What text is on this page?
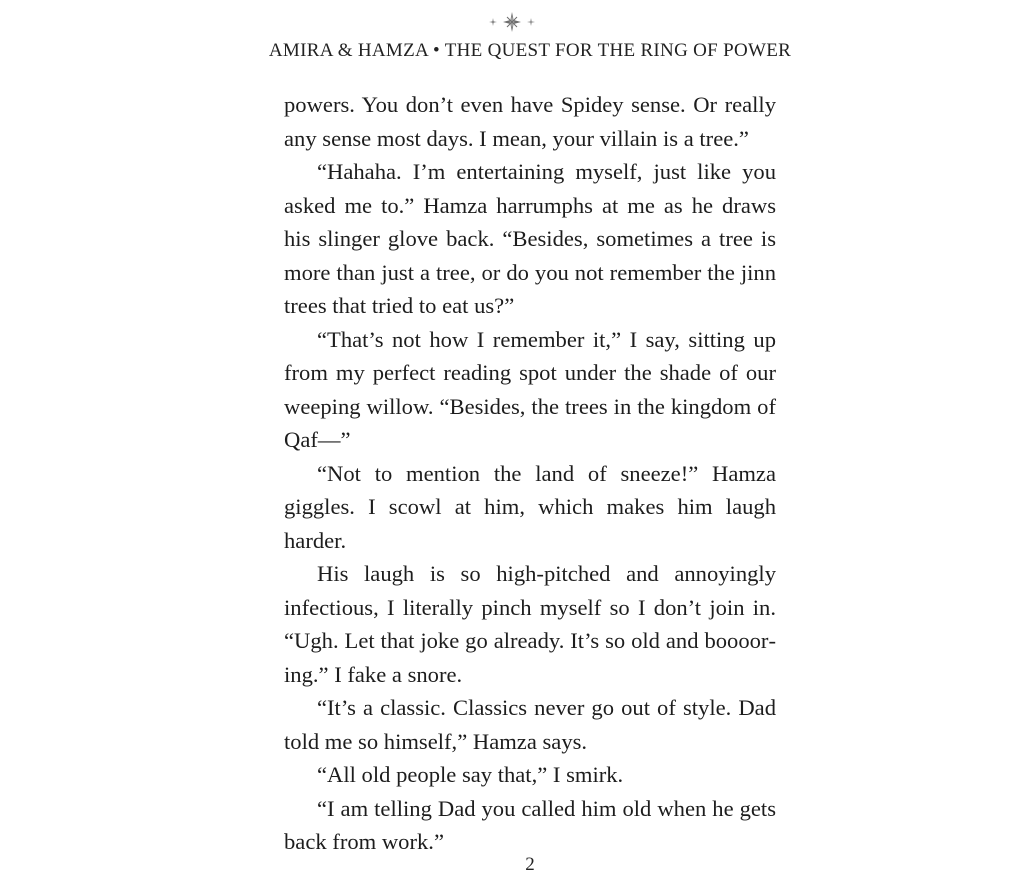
AMIRA & HAMZA • THE QUEST FOR THE RING OF POWER

powers. You don’t even have Spidey sense. Or really any sense most days. I mean, your villain is a tree.”

“Hahaha. I’m entertaining myself, just like you asked me to.” Hamza harrumphs at me as he draws his slinger glove back. “Besides, sometimes a tree is more than just a tree, or do you not remember the jinn trees that tried to eat us?”

“That’s not how I remember it,” I say, sitting up from my perfect reading spot under the shade of our weeping willow. “Besides, the trees in the kingdom of Qaf—”

“Not to mention the land of sneeze!” Hamza giggles. I scowl at him, which makes him laugh harder.

His laugh is so high-pitched and annoyingly infectious, I literally pinch myself so I don’t join in. “Ugh. Let that joke go already. It’s so old and booooring.” I fake a snore.

“It’s a classic. Classics never go out of style. Dad told me so himself,” Hamza says.

“All old people say that,” I smirk.

“I am telling Dad you called him old when he gets back from work.”

2
